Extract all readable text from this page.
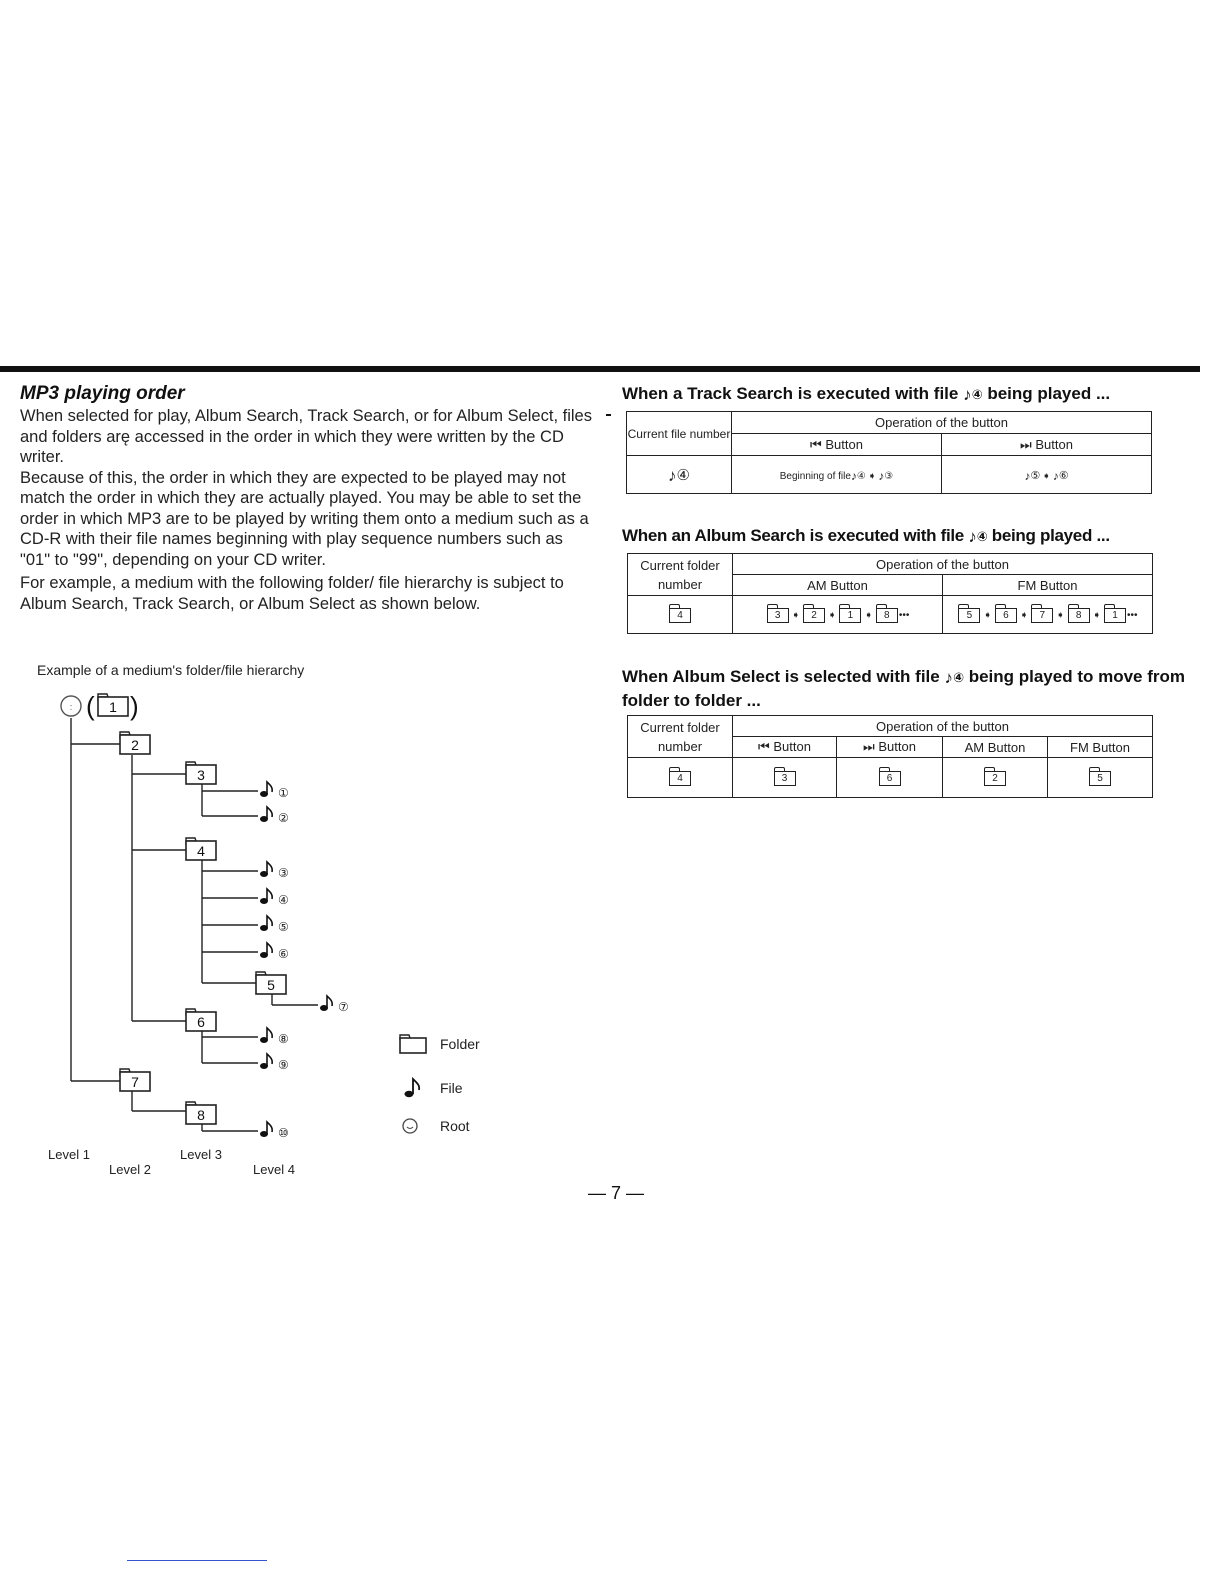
MP3 playing order

When selected for play, Album Search, Track Search, or for Album Select, files and folders arę accessed in the order in which they were written by the CD writer.

Because of this, the order in which they are expected to be played may not match the order in which they are actually played. You may be able to set the order in which MP3 are to be played by writing them onto a medium such as a CD-R with their file names beginning with play sequence numbers such as "01" to "99", depending on your CD writer.

For example, a medium with the following folder/ file hierarchy is subject to Album Search, Track Search, or Album Select as shown below.

Example of a medium's folder/file hierarchy
: ( 1 )
2
3
4
5
6
7
8
①
②
③
④
⑤
⑥
⑦
⑧
⑨
⑩
Folder
File
Root
Level 1
Level 2
Level 3
Level 4
— 7 —
When a Track Search is executed with file ♪④ being played ...
Current file number	Operation of the button	
	⏮ Button	⏭ Button
♪④	Beginning of file♪④ ➧ ♪③	♪⑤ ➧ ♪⑥
When an Album Search is executed with file ♪④ being played ...
Current folder number	Operation of the button	
	AM Button	FM Button
4	3 ➧ 2 ➧ 1 ➧ 8 •••	5 ➧ 6 ➧ 7 ➧ 8 ➧ 1 •••
When Album Select is selected with file ♪④ being played to move from folder to folder ...
Current folder number	Operation of the button			
	⏮ Button	⏭ Button	AM Button	FM Button
4	3	6	2	5
